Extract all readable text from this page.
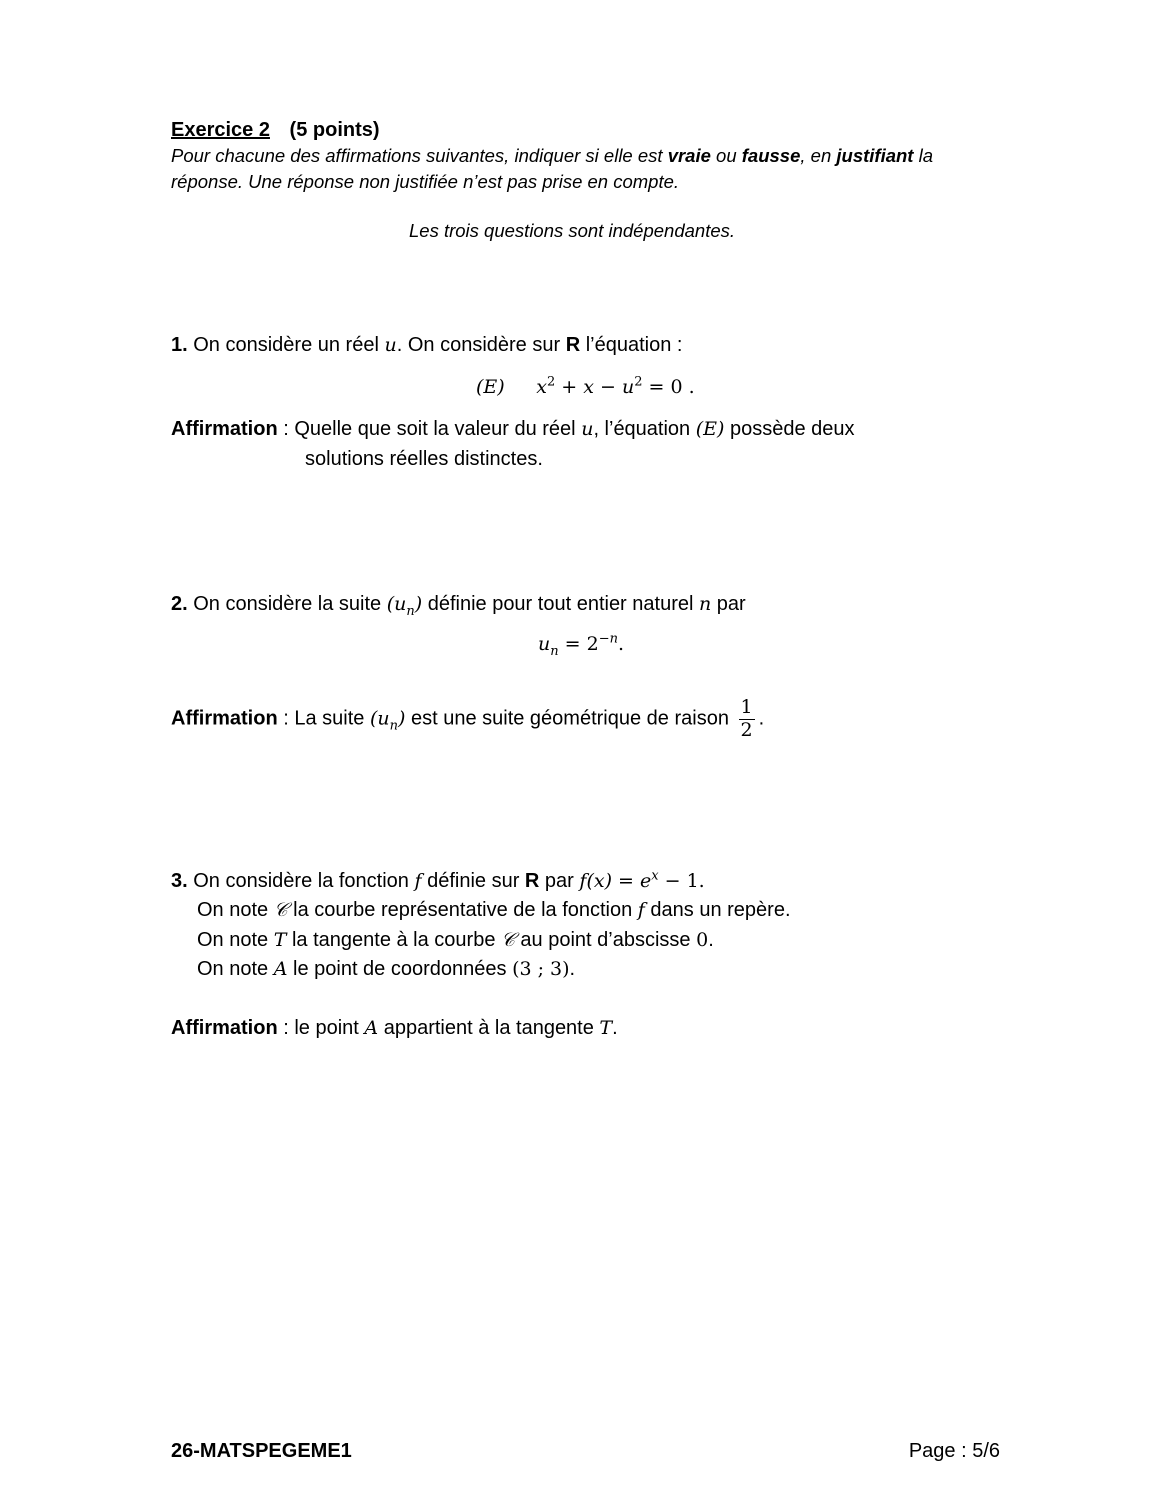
Exercice 2 (5 points)
Pour chacune des affirmations suivantes, indiquer si elle est vraie ou fausse, en justifiant la
réponse. Une réponse non justifiée n’est pas prise en compte.
Les trois questions sont indépendantes.
1. On considère un réel u. On considère sur R l’équation :
(E) $x^2 + x - u^2 = 0$ .
Affirmation : Quelle que soit la valeur du réel u, l’équation (E) possède deux
solutions réelles distinctes.
2. On considère la suite $(u_n)$ définie pour tout entier naturel n par
$u_n = 2^{-n}$.
Affirmation : La suite $(u_n)$ est une suite géométrique de raison $\frac{1}{2}$ .
3. On considère la fonction f définie sur R par $f(x) = e^x - 1$.
On note 𝒞 la courbe représentative de la fonction f dans un repère.
On note T la tangente à la courbe 𝒞 au point d’abscisse 0.
On note A le point de coordonnées (3 ; 3).
Affirmation : le point A appartient à la tangente T.
26-MATSPEGEME1	Page : 5/6
